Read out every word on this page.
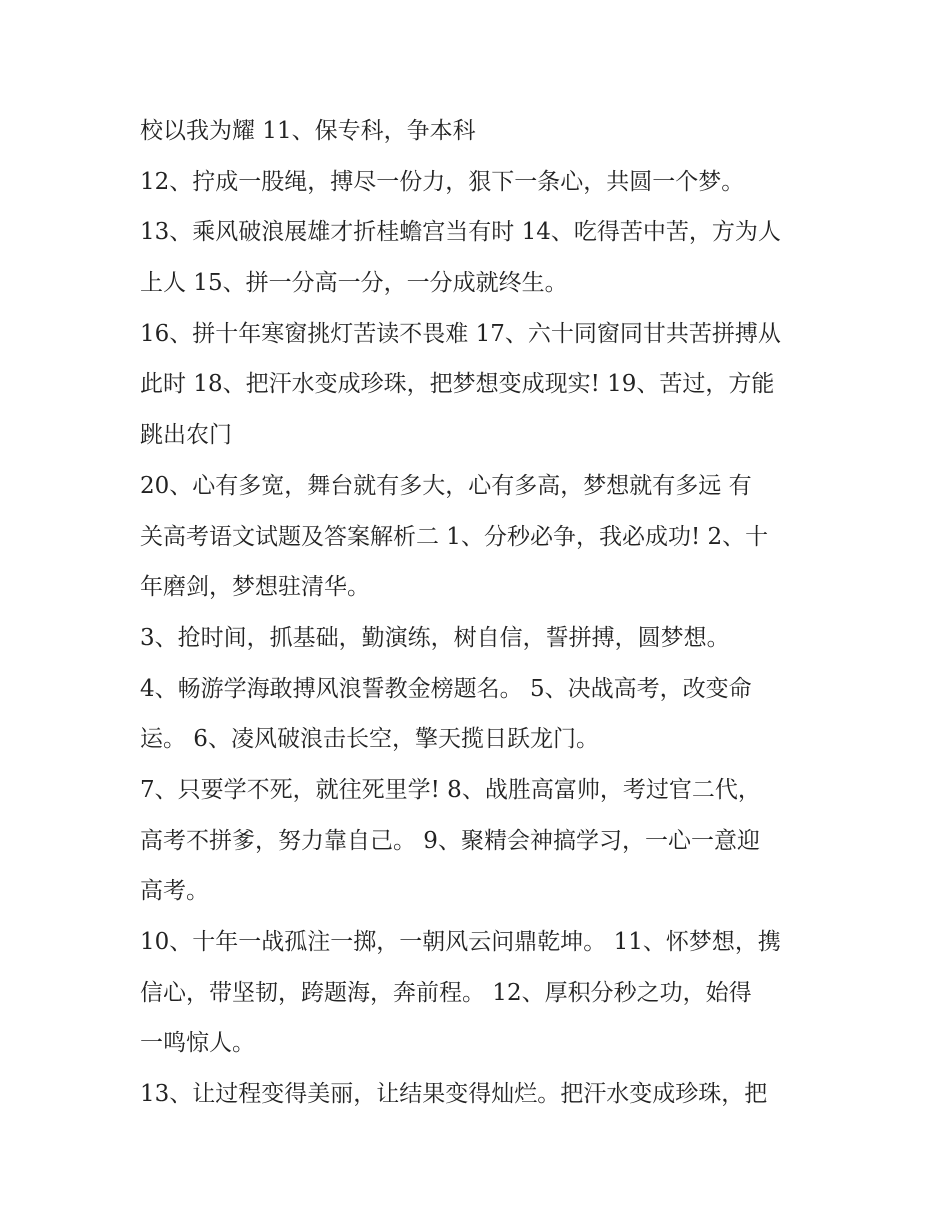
校以我为耀 11、保专科，争本科
12、拧成一股绳，搏尽一份力，狠下一条心，共圆一个梦。
13、乘风破浪展雄才折桂蟾宫当有时 14、吃得苦中苦，方为人
上人 15、拼一分高一分，一分成就终生。
16、拼十年寒窗挑灯苦读不畏难 17、六十同窗同甘共苦拼搏从
此时 18、把汗水变成珍珠，把梦想变成现实! 19、苦过，方能
跳出农门
20、心有多宽，舞台就有多大，心有多高，梦想就有多远 有
关高考语文试题及答案解析二 1、分秒必争，我必成功! 2、十
年磨剑，梦想驻清华。
3、抢时间，抓基础，勤演练，树自信，誓拼搏，圆梦想。
4、畅游学海敢搏风浪誓教金榜题名。 5、决战高考，改变命
运。 6、凌风破浪击长空，擎天揽日跃龙门。
7、只要学不死，就往死里学! 8、战胜高富帅，考过官二代，
高考不拼爹，努力靠自己。 9、聚精会神搞学习，一心一意迎
高考。
10、十年一战孤注一掷，一朝风云问鼎乾坤。 11、怀梦想，携
信心，带坚韧，跨题海，奔前程。 12、厚积分秒之功，始得
一鸣惊人。
13、让过程变得美丽，让结果变得灿烂。把汗水变成珍珠，把
